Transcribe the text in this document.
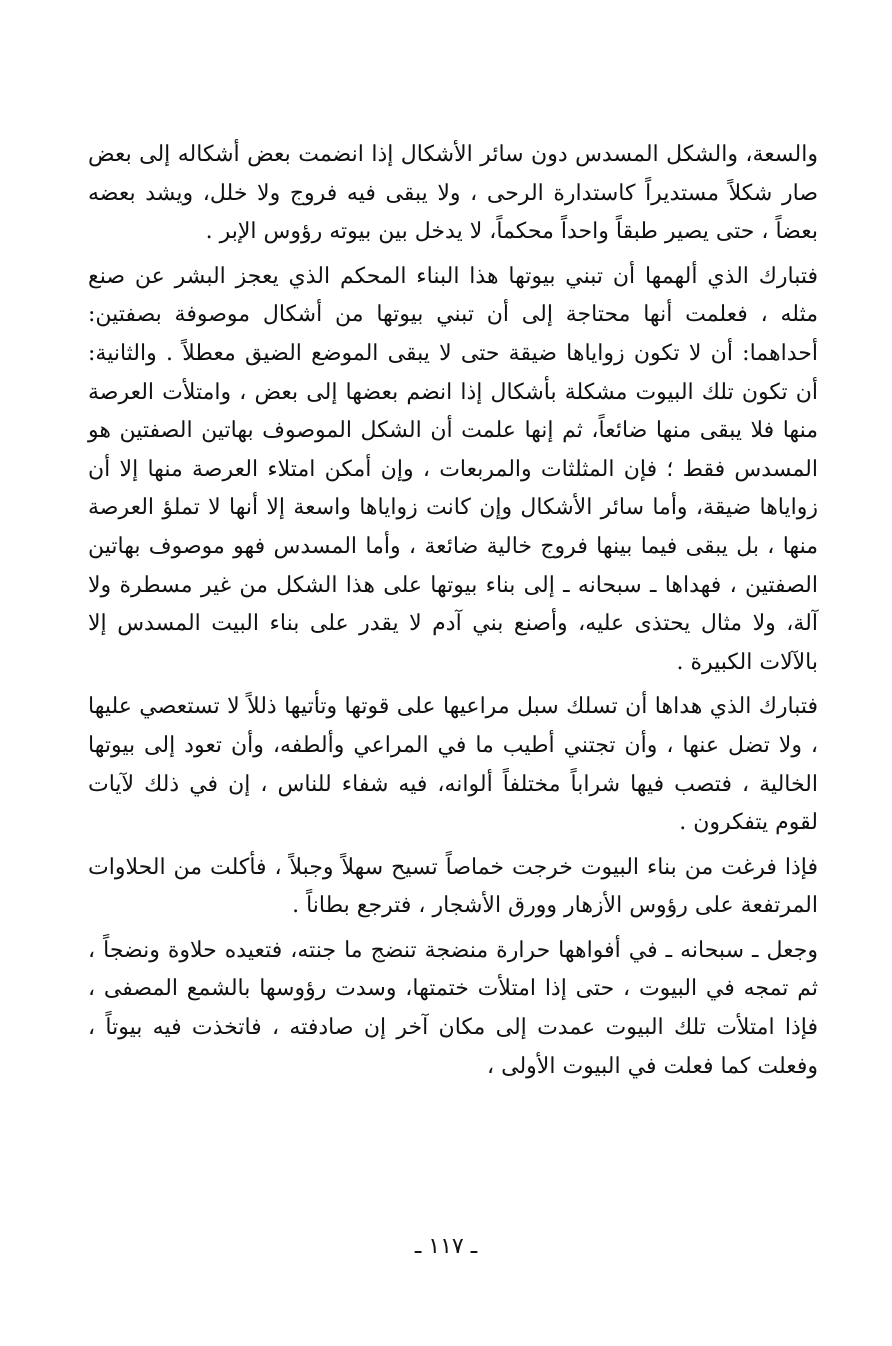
والسعة، والشكل المسدس دون سائر الأشكال إذا انضمت بعض أشكاله إلى بعض صار شكلاً مستديراً كاستدارة الرحى ، ولا يبقى فيه فروج ولا خلل، ويشد بعضه بعضاً ، حتى يصير طبقاً واحداً محكماً، لا يدخل بين بيوته رؤوس الإبر .

فتبارك الذي ألهمها أن تبني بيوتها هذا البناء المحكم الذي يعجز البشر عن صنع مثله ، فعلمت أنها محتاجة إلى أن تبني بيوتها من أشكال موصوفة بصفتين: أحداهما: أن لا تكون زواياها ضيقة حتى لا يبقى الموضع الضيق معطلاً . والثانية: أن تكون تلك البيوت مشكلة بأشكال إذا انضم بعضها إلى بعض ، وامتلأت العرصة منها فلا يبقى منها ضائعاً، ثم إنها علمت أن الشكل الموصوف بهاتين الصفتين هو المسدس فقط ؛ فإن المثلثات والمربعات ، وإن أمكن امتلاء العرصة منها إلا أن زواياها ضيقة، وأما سائر الأشكال وإن كانت زواياها واسعة إلا أنها لا تملؤ العرصة منها ، بل يبقى فيما بينها فروج خالية ضائعة ، وأما المسدس فهو موصوف بهاتين الصفتين ، فهداها ـ سبحانه ـ إلى بناء بيوتها على هذا الشكل من غير مسطرة ولا آلة، ولا مثال يحتذى عليه، وأصنع بني آدم لا يقدر على بناء البيت المسدس إلا بالآلات الكبيرة .

فتبارك الذي هداها أن تسلك سبل مراعيها على قوتها وتأتيها ذللاً لا تستعصي عليها ، ولا تضل عنها ، وأن تجتني أطيب ما في المراعي وألطفه، وأن تعود إلى بيوتها الخالية ، فتصب فيها شراباً مختلفاً ألوانه، فيه شفاء للناس ، إن في ذلك لآيات لقوم يتفكرون .

فإذا فرغت من بناء البيوت خرجت خماصاً تسيح سهلاً وجبلاً ، فأكلت من الحلاوات المرتفعة على رؤوس الأزهار وورق الأشجار ، فترجع بطاناً .

وجعل ـ سبحانه ـ في أفواهها حرارة منضجة تنضج ما جنته، فتعيده حلاوة ونضجاً ، ثم تمجه في البيوت ، حتى إذا امتلأت ختمتها، وسدت رؤوسها بالشمع المصفى ، فإذا امتلأت تلك البيوت عمدت إلى مكان آخر إن صادفته ، فاتخذت فيه بيوتاً ، وفعلت كما فعلت في البيوت الأولى ،

ـ ١١٧ ـ
